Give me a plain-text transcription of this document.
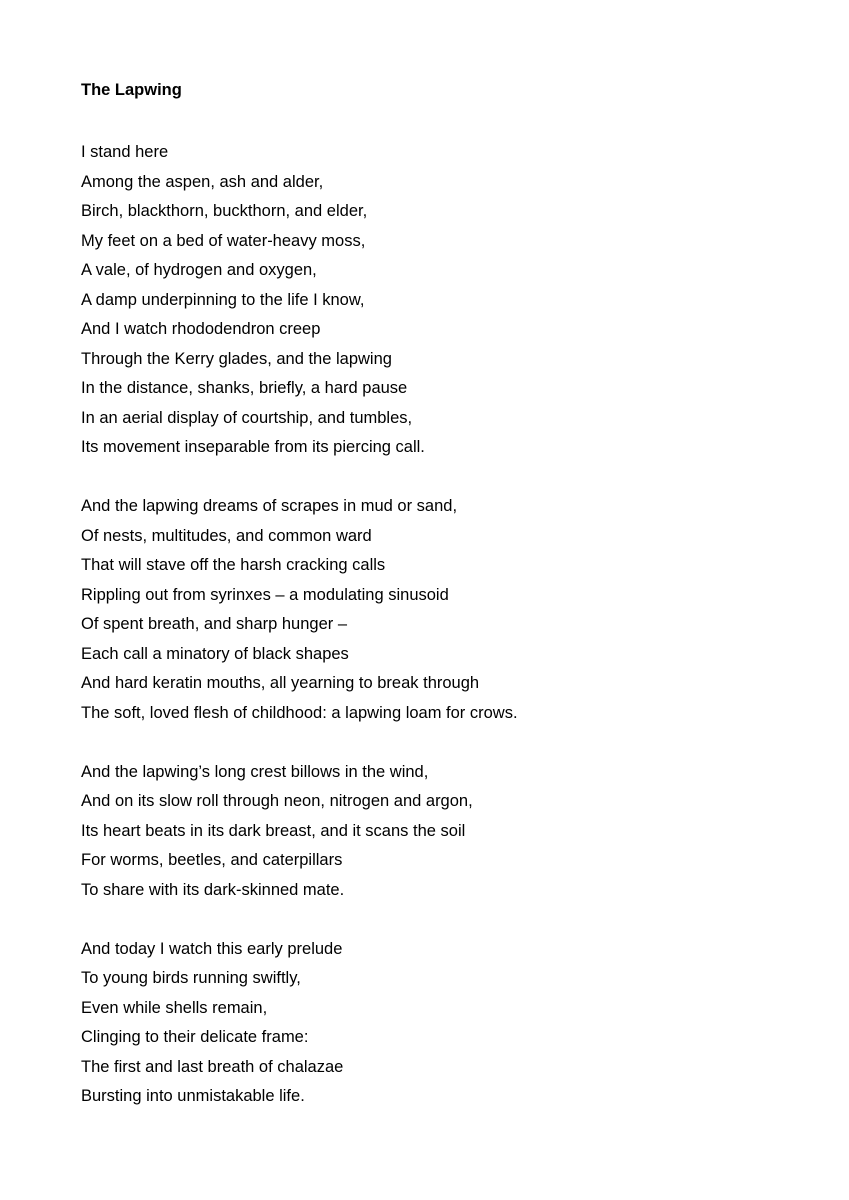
The Lapwing
I stand here
Among the aspen, ash and alder,
Birch, blackthorn, buckthorn, and elder,
My feet on a bed of water-heavy moss,
A vale, of hydrogen and oxygen,
A damp underpinning to the life I know,
And I watch rhododendron creep
Through the Kerry glades, and the lapwing
In the distance, shanks, briefly, a hard pause
In an aerial display of courtship, and tumbles,
Its movement inseparable from its piercing call.
And the lapwing dreams of scrapes in mud or sand,
Of nests, multitudes, and common ward
That will stave off the harsh cracking calls
Rippling out from syrinxes – a modulating sinusoid
Of spent breath, and sharp hunger –
Each call a minatory of black shapes
And hard keratin mouths, all yearning to break through
The soft, loved flesh of childhood: a lapwing loam for crows.
And the lapwing’s long crest billows in the wind,
And on its slow roll through neon, nitrogen and argon,
Its heart beats in its dark breast, and it scans the soil
For worms, beetles, and caterpillars
To share with its dark-skinned mate.
And today I watch this early prelude
To young birds running swiftly,
Even while shells remain,
Clinging to their delicate frame:
The first and last breath of chalazae
Bursting into unmistakable life.
